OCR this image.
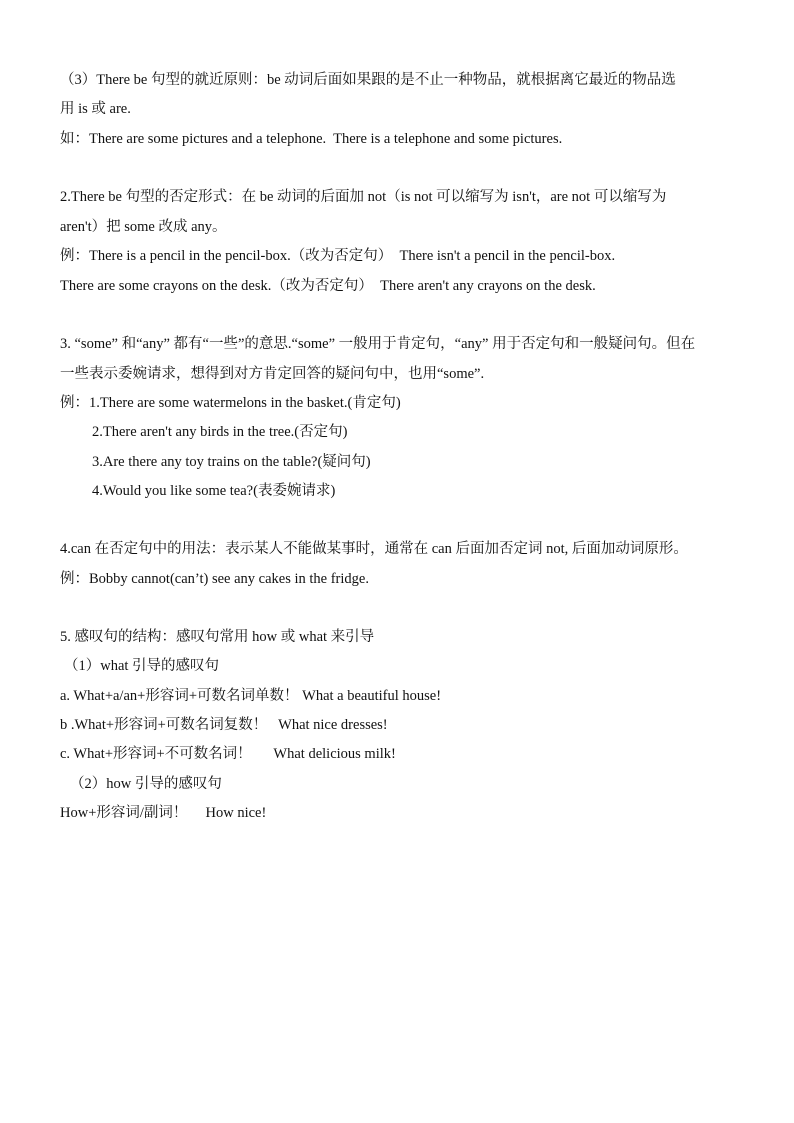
（3）There be 句型的就近原则：be 动词后面如果跟的是不止一种物品，就根据离它最近的物品选
用 is 或 are.
如：There are some pictures and a telephone.  There is a telephone and some pictures.
2.There be 句型的否定形式：在 be 动词的后面加 not（is not 可以缩写为 isn't，are not 可以缩写为
aren't）把 some 改成 any。
例：There is a pencil in the pencil-box.（改为否定句）  There isn't a pencil in the pencil-box.
There are some crayons on the desk.（改为否定句）  There aren't any crayons on the desk.
3. “some” 和“any” 都有“一些”的意思.“some” 一般用于肯定句，“any” 用于否定句和一般疑问句。但在
一些表示委婉请求，想得到对方肯定回答的疑问句中，也用“some”.
例：1.There are some watermelons in the basket.(肯定句)
2.There aren't any birds in the tree.(否定句)
3.Are there any toy trains on the table?(疑问句)
4.Would you like some tea?(表委婉请求)
4.can 在否定句中的用法：表示某人不能做某事时，通常在 can 后面加否定词 not, 后面加动词原形。
例：Bobby cannot(can’t) see any cakes in the fridge.
5. 感叹句的结构：感叹句常用 how 或 what 来引导
（1）what 引导的感叹句
a. What+a/an+形容词+可数名词单数！ What a beautiful house!
b .What+形容词+可数名词复数！   What nice dresses!
c. What+形容词+不可数名词！      What delicious milk!
（2）how 引导的感叹句
How+形容词/副词！     How nice!
